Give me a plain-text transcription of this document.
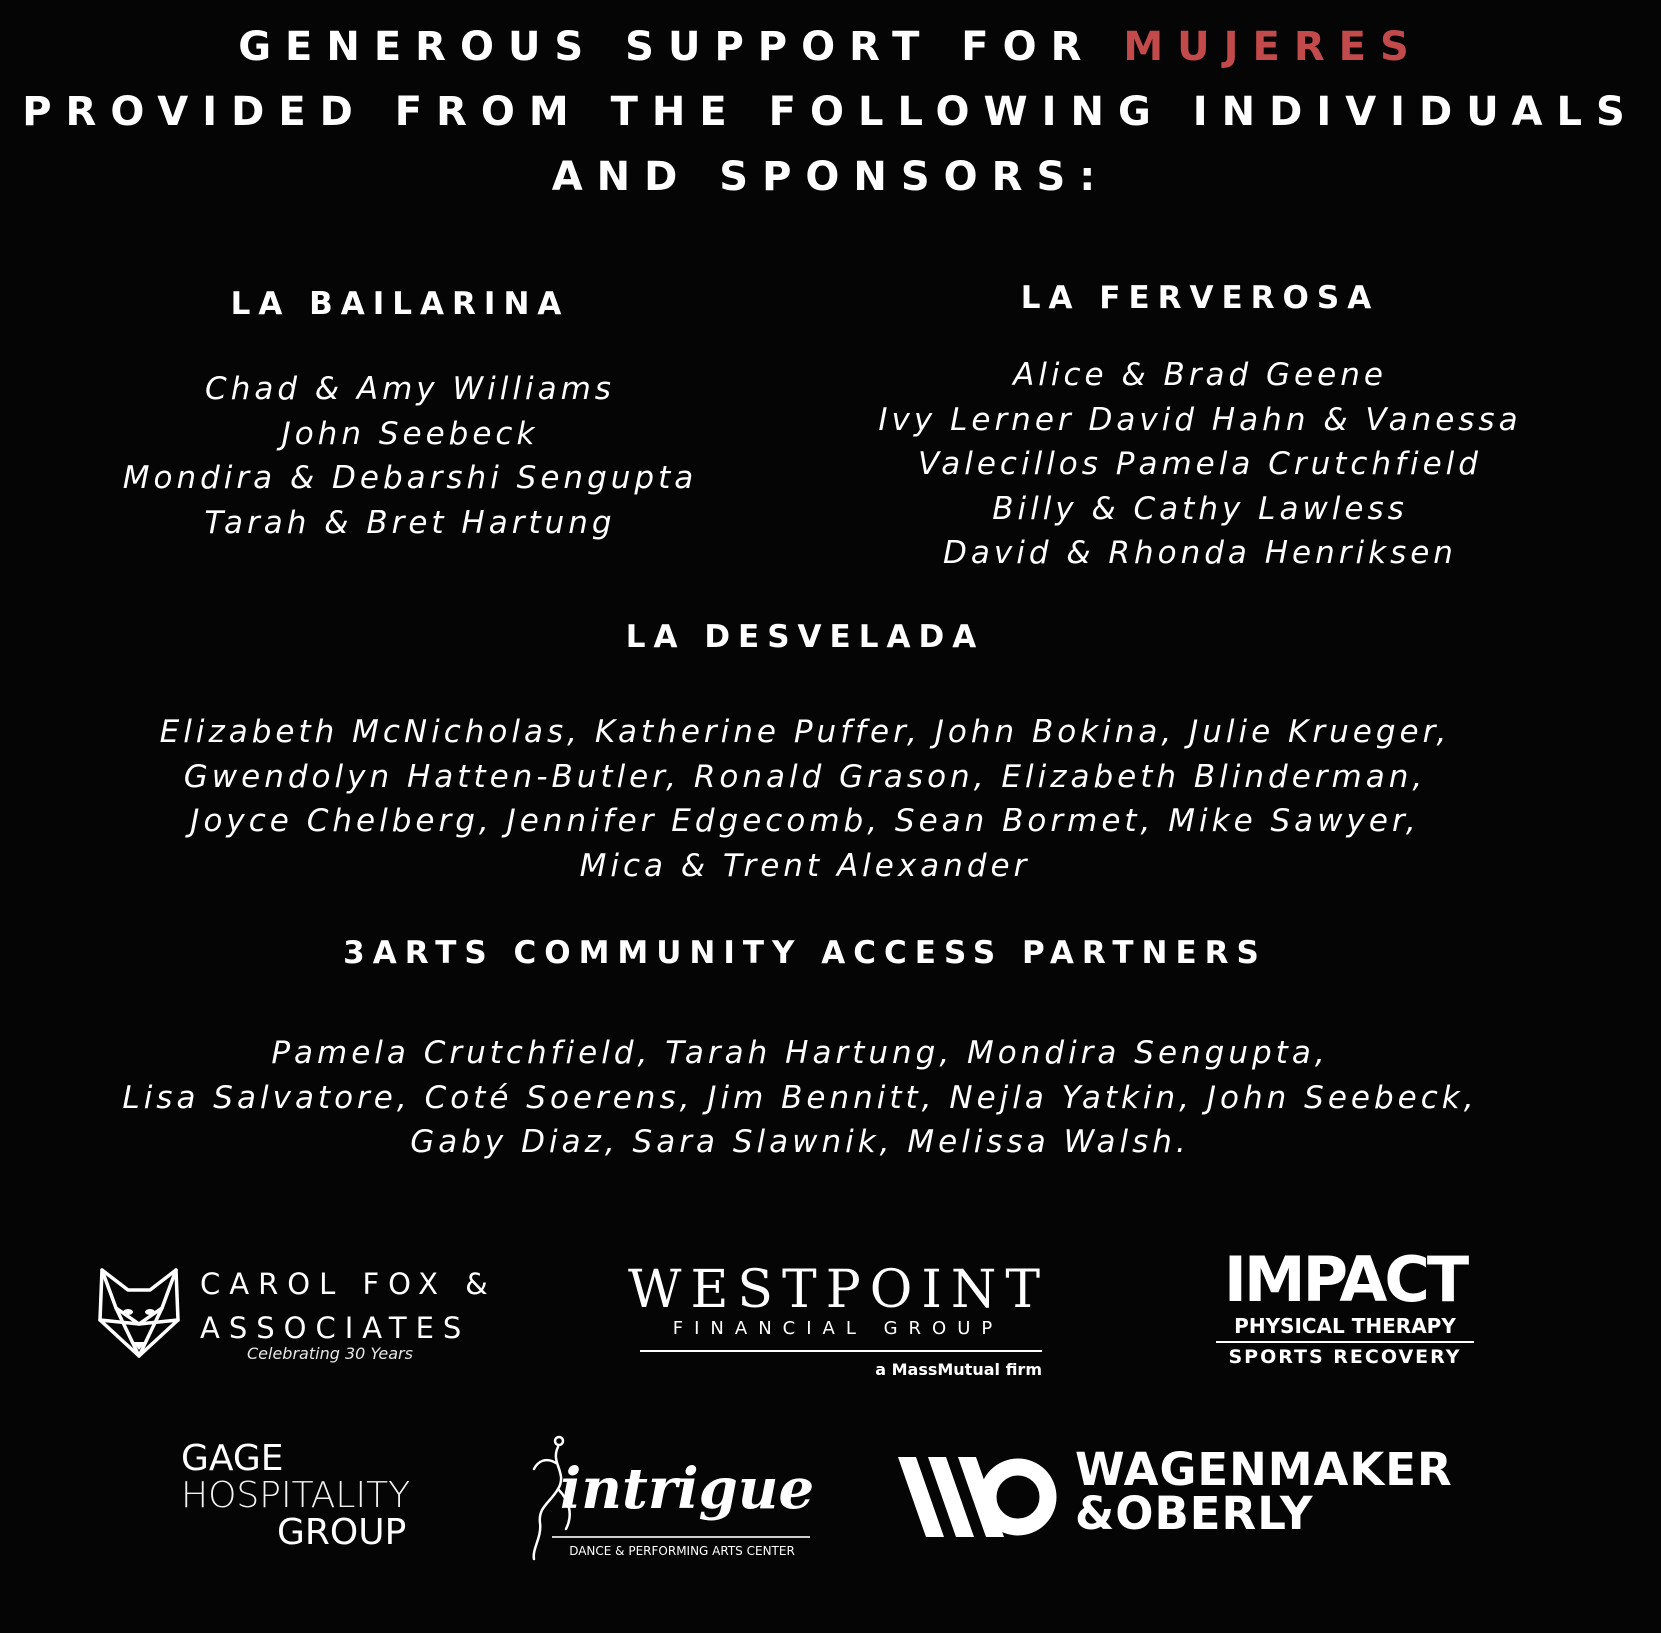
GENEROUS SUPPORT FOR MUJERES
PROVIDED FROM THE FOLLOWING INDIVIDUALS
AND SPONSORS:
LA BAILARINA
Chad & Amy Williams
John Seebeck
Mondira & Debarshi Sengupta
Tarah & Bret Hartung
LA FERVEROSA
Alice & Brad Geene
Ivy Lerner David Hahn & Vanessa
Valecillos Pamela Crutchfield
Billy & Cathy Lawless
David & Rhonda Henriksen
LA DESVELADA
Elizabeth McNicholas, Katherine Puffer, John Bokina, Julie Krueger,
Gwendolyn Hatten-Butler, Ronald Grason, Elizabeth Blinderman,
Joyce Chelberg, Jennifer Edgecomb, Sean Bormet, Mike Sawyer,
Mica & Trent Alexander
3ARTS COMMUNITY ACCESS PARTNERS
Pamela Crutchfield, Tarah Hartung, Mondira Sengupta,
Lisa Salvatore, Coté Soerens, Jim Bennitt, Nejla Yatkin, John Seebeck,
Gaby Diaz, Sara Slawnik, Melissa Walsh.
CAROL FOX &
ASSOCIATES
Celebrating 30 Years
WESTPOINT
FINANCIAL GROUP
a MassMutual firm
IMPACT
PHYSICAL THERAPY
SPORTS RECOVERY
GAGE
HOSPITALITY
GROUP
intrigue
DANCE & PERFORMING ARTS CENTER
WAGENMAKER
&OBERLY
